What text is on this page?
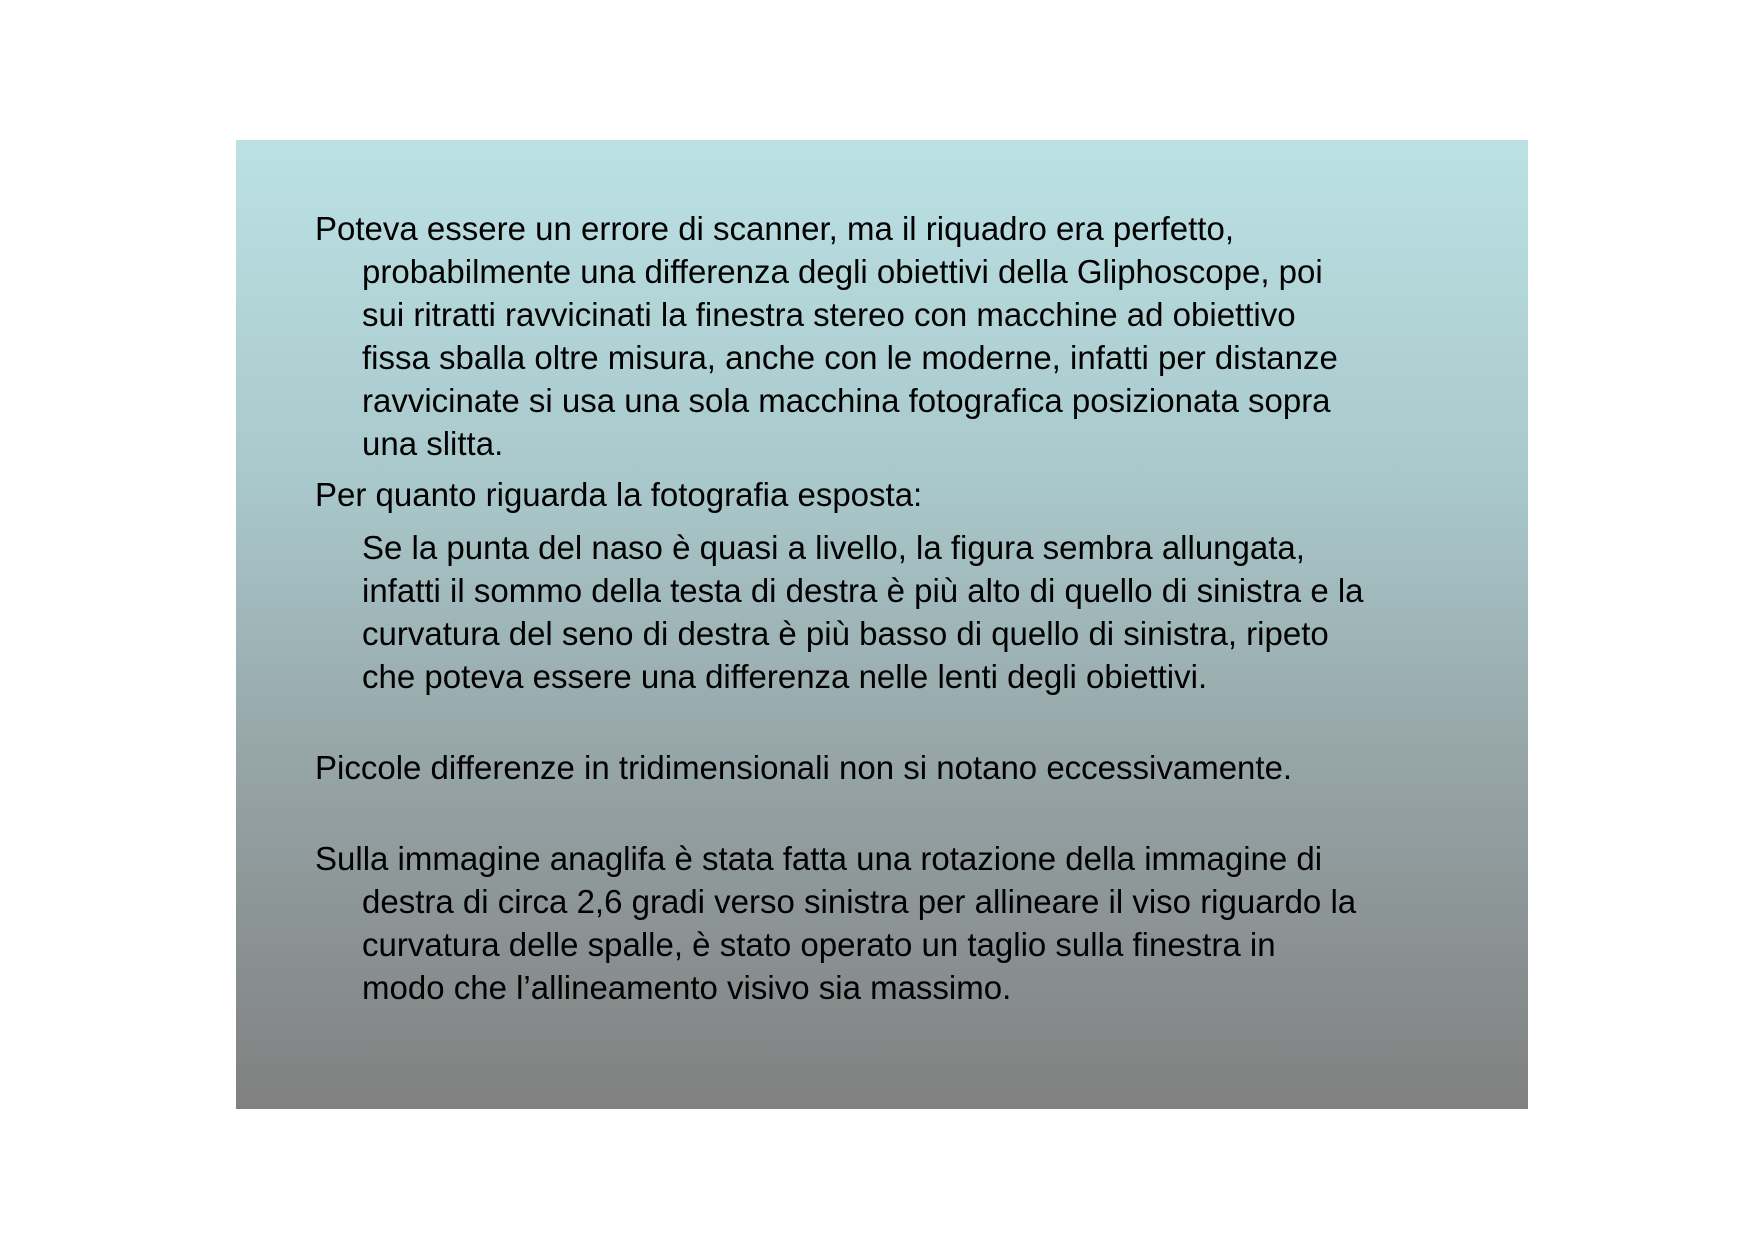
Poteva essere un errore di scanner, ma il riquadro era perfetto,
probabilmente una differenza degli obiettivi della Gliphoscope, poi
sui ritratti ravvicinati la finestra stereo con macchine ad obiettivo
fissa sballa oltre misura, anche con le moderne, infatti per distanze
ravvicinate si usa una sola macchina fotografica posizionata sopra
una slitta.

Per quanto riguarda la fotografia esposta:

Se la punta del naso è quasi a livello, la figura sembra allungata,
infatti il sommo della testa di destra è più alto di quello di sinistra e la
curvatura del seno di destra è più basso di quello di sinistra, ripeto
che poteva essere una differenza nelle lenti degli obiettivi.

Piccole differenze in tridimensionali non si notano eccessivamente.

Sulla immagine anaglifa è stata fatta una rotazione della immagine di
destra di circa 2,6 gradi verso sinistra per allineare il viso riguardo la
curvatura delle spalle, è stato operato un taglio sulla finestra in
modo che l’allineamento visivo sia massimo.
